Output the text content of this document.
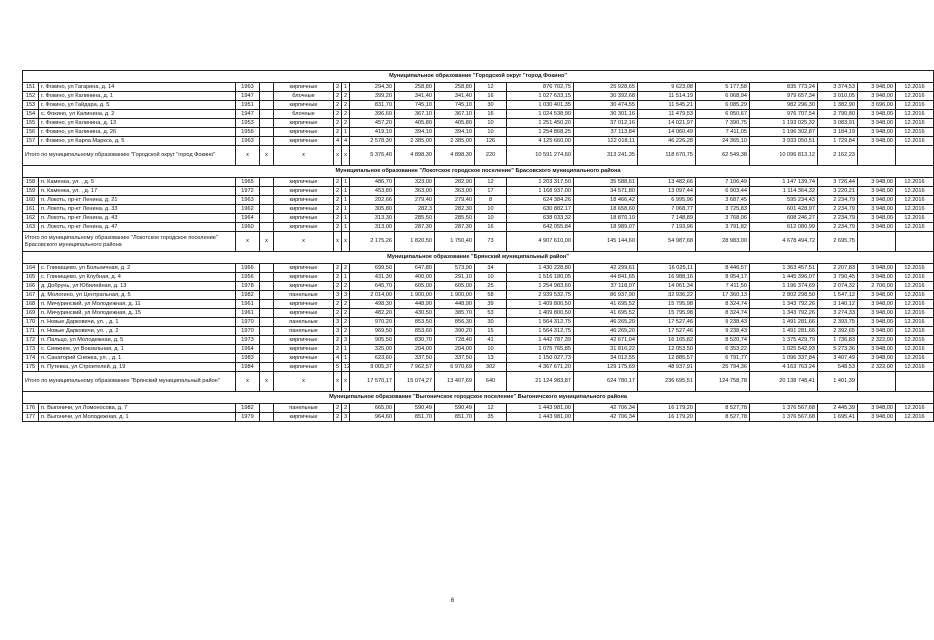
Муниципальное образование "Городской округ "город Фокино"																		
151	г. Фокино, ул Гагарина, д. 14	1963		кирпичные	2	1	294,30	258,80	258,80	12	876 702,75	25 928,65	9 623,08	5 177,58	835 773,24	3 374,53	3 948,00	12.2016
152	г. Фокино, ул Калинина, д. 1	1947		блочные	2	2	399,20	341,40	341,40	16	1 027 633,15	30 392,68	11 514,19	6 068,94	979 657,34	3 010,05	3 948,00	12.2016
153	г. Фокино, ул Гайдара, д. 5	1951		кирпичные	2	2	831,70	745,10	745,10	30	1 030 401,35	30 474,55	11 545,21	6 085,29	982 296,30	1 382,90	3 696,00	12.2016
154	с. Фокино, ул Калинина, д. 2	1947		блочные	2	2	396,60	367,10	367,10	16	1 024 538,90	30 301,16	11 479,53	6 050,67	976 707,54	2 790,80	3 948,00	12.2016
155	г. Фокино, ул Калинина, д. 13	1953		кирпичные	2	2	457,20	405,80	405,80	10	1 251 450,20	37 012,16	14 021,97	7 390,75	1 193 025,32	3 083,91	3 948,00	12.2016
156	г. Фокино, ул Калинина, д. 26	1956		кирпичные	2	1	419,10	394,10	394,10	10	1 254 868,25	37 113,84	14 060,49	7 411,05	1 196 302,87	3 184,19	3 948,00	12.2016
157	г. Фокино, ул Карла Маркса, д. 5	1963		кирпичные	4	4	2 578,30	2 385,00	2 385,00	126	4 125 660,00	122 018,11	46 226,28	24 365,10	3 933 050,51	1 729,84	3 948,00	12.2016
Итого по муниципальному образованию "Городской округ "город Фокино"		x	x	x	x	x	5 376,40	4 898,30	4 898,30	220	10 591 274,60	313 241,35	118 670,75	62 549,38	10 096 813,12	2 162,23		
Муниципальное образование "Локотское городское поселение" Брасовского муниципального района																		
158	п. Каменка, ул. , д. 5	1965		кирпичные	2	1	486,70	323,00	282,90	12	1 203 317,50	35 588,61	13 482,66	7 106,49	1 147 139,74	3 726,44	3 948,00	12.2016
159	п. Каменка, ул. , д. 17	1972		кирпичные	2	1	453,80	363,00	363,00	17	1 168 937,00	34 571,80	13 097,44	6 903,44	1 114 364,32	3 220,21	3 948,00	12.2016
160	п. Локоть, пр-кт Ленина, д. 21	1963		кирпичные	2	1	202,66	279,40	279,40	8	624 384,26	18 466,42	6 995,96	3 687,45	595 234,43	2 234,79	3 948,00	12.2016
161	п. Локоть, пр-кт Ленина, д. 33	1962		кирпичные	2	1	305,80	282,3	282,30	10	630 882,17	18 658,60	7 068,77	3 725,83	601 428,97	2 234,79	3 948,00	12.2016
162	п. Локоть, пр-кт Ленина, д. 43	1964		кирпичные	2	1	313,30	285,50	285,50	10	638 033,32	18 870,10	7 148,89	3 768,06	608 246,27	2 234,79	3 948,00	12.2016
163	п. Локоть, пр-кт Ленина, д. 47	1960		кирпичные	2	1	313,00	287,30	287,30	16	642 055,84	18 989,07	7 193,96	3 791,82	612 080,99	2 234,79	3 948,00	12.2016
Итого по муниципальному образованию "Локотское городское поселение" Брасовского муниципального района		x	x	x	x	x	2 175,26	1 820,50	1 750,40	73	4 907 610,00	145 144,60	54 987,68	28 983,00	4 678 494,72	2 695,75		
Муниципальное образование "Брянский муниципальный район"																		
164	с. Глинищево, ул Больничная, д. 2	1966		кирпичные	2	2	699,50	647,80	573,90	34	1 430 228,80	42 299,61	16 025,11	8 446,57	1 363 457,51	2 207,83	3 948,00	12.2016
165	с. Глинищево, ул Клубная, д. 4	1956		кирпичные	2	1	431,30	400,00	291,10	10	1 516 180,05	44 841,65	16 988,16	8 954,17	1 445 396,07	3 790,45	3 948,00	12.2016
166	д. Добрунь, ул Юбилейная, д. 13	1978		кирпичные	2	2	645,70	605,00	605,00	25	1 254 983,60	37 118,07	14 061,34	7 411,50	1 196 374,69	2 074,32	2 706,00	12.2016
167	д. Мологино, ул Центральная, д. 5	1982		панельные	3	3	2 014,00	1 900,00	1 900,00	58	2 939 532,75	86 937,90	32 936,22	17 360,13	2 802 298,50	1 547,12	3 948,00	12.2016
168	п. Мичуринский, ул Молодежная, д. 11	1961		кирпичные	2	2	498,30	448,90	448,90	39	1 409 800,50	41 695,52	15 795,98	8 324,74	1 343 792,26	3 140,12	3 948,00	12.2016
169	п. Мичуринский, ул Молодежная, д. 15	1961		кирпичные	2	2	482,20	430,50	385,70	53	1 409 800,50	41 695,52	15 795,98	8 324,74	1 343 792,26	3 274,33	3 948,00	12.2016
170	п. Новые Дарковичи, ул. , д. 1	1970		панельные	3	2	970,20	853,50	856,30	30	1 564 312,75	46 265,20	17 527,46	9 238,43	1 491 281,66	2 393,75	3 948,00	12.2016
171	п. Новые Дарковичи, ул. , д. 2	1970		панельные	3	2	969,50	853,60	390,20	15	1 564 312,75	46 265,20	17 527,46	9 238,43	1 491 281,66	2 392,65	3 948,00	12.2016
172	п. Пальцо, ул Молодежная, д. 5	1973		кирпичные	2	3	905,50	830,70	728,40	41	1 442 787,39	42 671,04	16 165,82	8 520,74	1 375 429,79	1 736,83	2 322,00	12.2016
173	с. Сияжное, ул Вокзальная, д. 1	1964		кирпичные	2	1	325,00	204,00	204,00	10	1 075 765,85	31 816,22	12 053,50	6 353,22	1 025 542,93	5 273,36	3 948,00	12.2016
174	п. Санаторий Снежка, ул. , д. 1	1983		кирпичные	4	1	623,60	337,50	337,50	13	1 150 027,73	34 012,55	12 885,57	6 791,77	1 096 337,84	3 407,49	3 948,00	12.2016
175	п. Путевка, ул Строителей, д. 19	1984		кирпичные	5	12	9 005,37	7 962,57	6 970,69	302	4 367 671,20	129 175,69	48 937,91	25 794,36	4 163 763,24	548,53	2 322,00	12.2016
Итого по муниципальному образованию "Брянский муниципальный район"		x	x	x	x	x	17 570,17	15 074,27	13 407,69	640	21 124 983,87	624 780,17	236 695,51	124 758,78	20 138 748,41	1 401,39		
Муниципальное образование "Выгоничское городское поселение" Выгоничского муниципального района																		
176	п. Выгоничи, ул Ломоносова, д. 7	1982		панельные	2	2	665,00	590,49	590,49	12	1 443 981,00	42 706,34	16 179,20	8 527,78	1 376 567,68	2 445,39	3 948,00	12.2016
177	п. Выгоничи, ул Молодежная, д. 1	1979		кирпичные	2	3	964,60	851,70	851,70	35	1 443 981,00	42 706,34	16 179,20	8 527,78	1 376 567,68	1 695,41	3 948,00	12.2016
6
